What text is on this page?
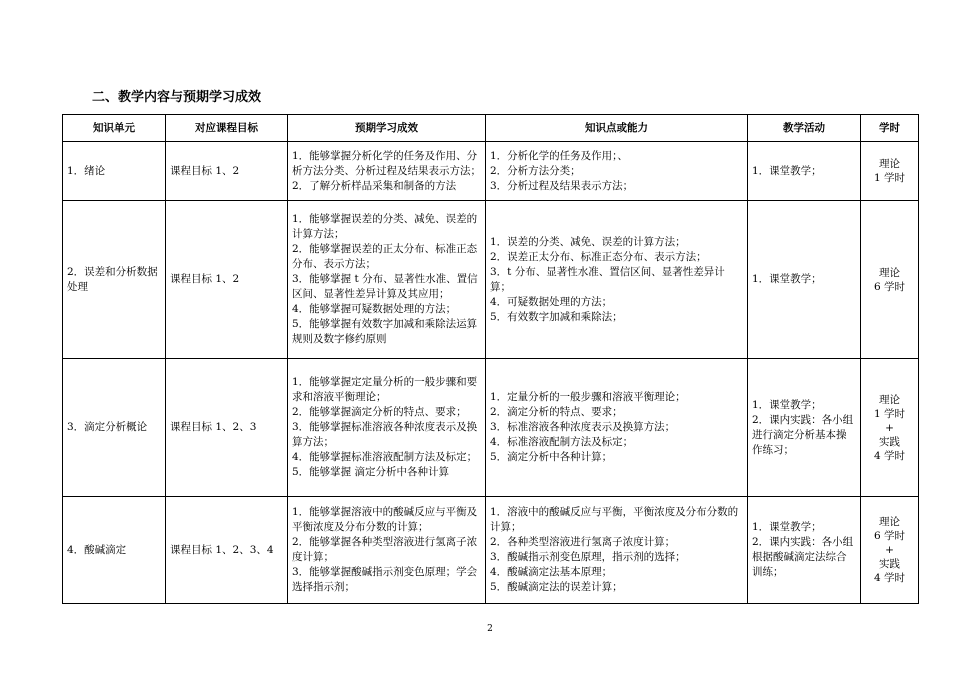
二、教学内容与预期学习成效
知识单元	对应课程目标	预期学习成效	知识点或能力	教学活动	学时
1．绪论	课程目标 1、2	1．能够掌握分析化学的任务及作用、分析方法分类、分析过程及结果表示方法；
2．了解分析样品采集和制备的方法	1．分析化学的任务及作用；、
2．分析方法分类；
3．分析过程及结果表示方法；	1．课堂教学；	理论
1 学时

2．误差和分析数据处理	课程目标 1、2	1．能够掌握误差的分类、减免、误差的计算方法；
2．能够掌握误差的正太分布、标准正态分布、表示方法；
3．能够掌握 t 分布、显著性水准、置信区间、显著性差异计算及其应用；
4．能够掌握可疑数据处理的方法；
5．能够掌握有效数字加减和乘除法运算规则及数字修约原则	1．误差的分类、减免、误差的计算方法；
2．误差正太分布、标准正态分布、表示方法；
3．t 分布、显著性水准、置信区间、显著性差异计算；
4．可疑数据处理的方法；
5．有效数字加减和乘除法；	1．课堂教学；	理论
6 学时

3．滴定分析概论	课程目标 1、2、3	1．能够掌握定定量分析的一般步骤和要求和溶液平衡理论；
2．能够掌握滴定分析的特点、要求；
3．能够掌握标准溶液各种浓度表示及换算方法；
4．能够掌握标准溶液配制方法及标定；
5．能够掌握 滴定分析中各种计算	1．定量分析的一般步骤和溶液平衡理论；
2．滴定分析的特点、要求；
3．标准溶液各种浓度表示及换算方法；
4．标准溶液配制方法及标定；
5．滴定分析中各种计算；	1．课堂教学；
2．课内实践：各小组进行滴定分析基本操作练习；	理论
1 学时
+
实践
4 学时

4．酸碱滴定	课程目标 1、2、3、4	1．能够掌握溶液中的酸碱反应与平衡及平衡浓度及分布分数的计算；
2．能够掌握各种类型溶液进行氢离子浓度计算；
3．能够掌握酸碱指示剂变色原理；学会选择指示剂；	1．溶液中的酸碱反应与平衡，平衡浓度及分布分数的计算；
2．各种类型溶液进行氢离子浓度计算；
3．酸碱指示剂变色原理，指示剂的选择；
4．酸碱滴定法基本原理；
5．酸碱滴定法的误差计算；	1．课堂教学；
2．课内实践：各小组根据酸碱滴定法综合训练；	理论
6 学时
+
实践
4 学时
2
